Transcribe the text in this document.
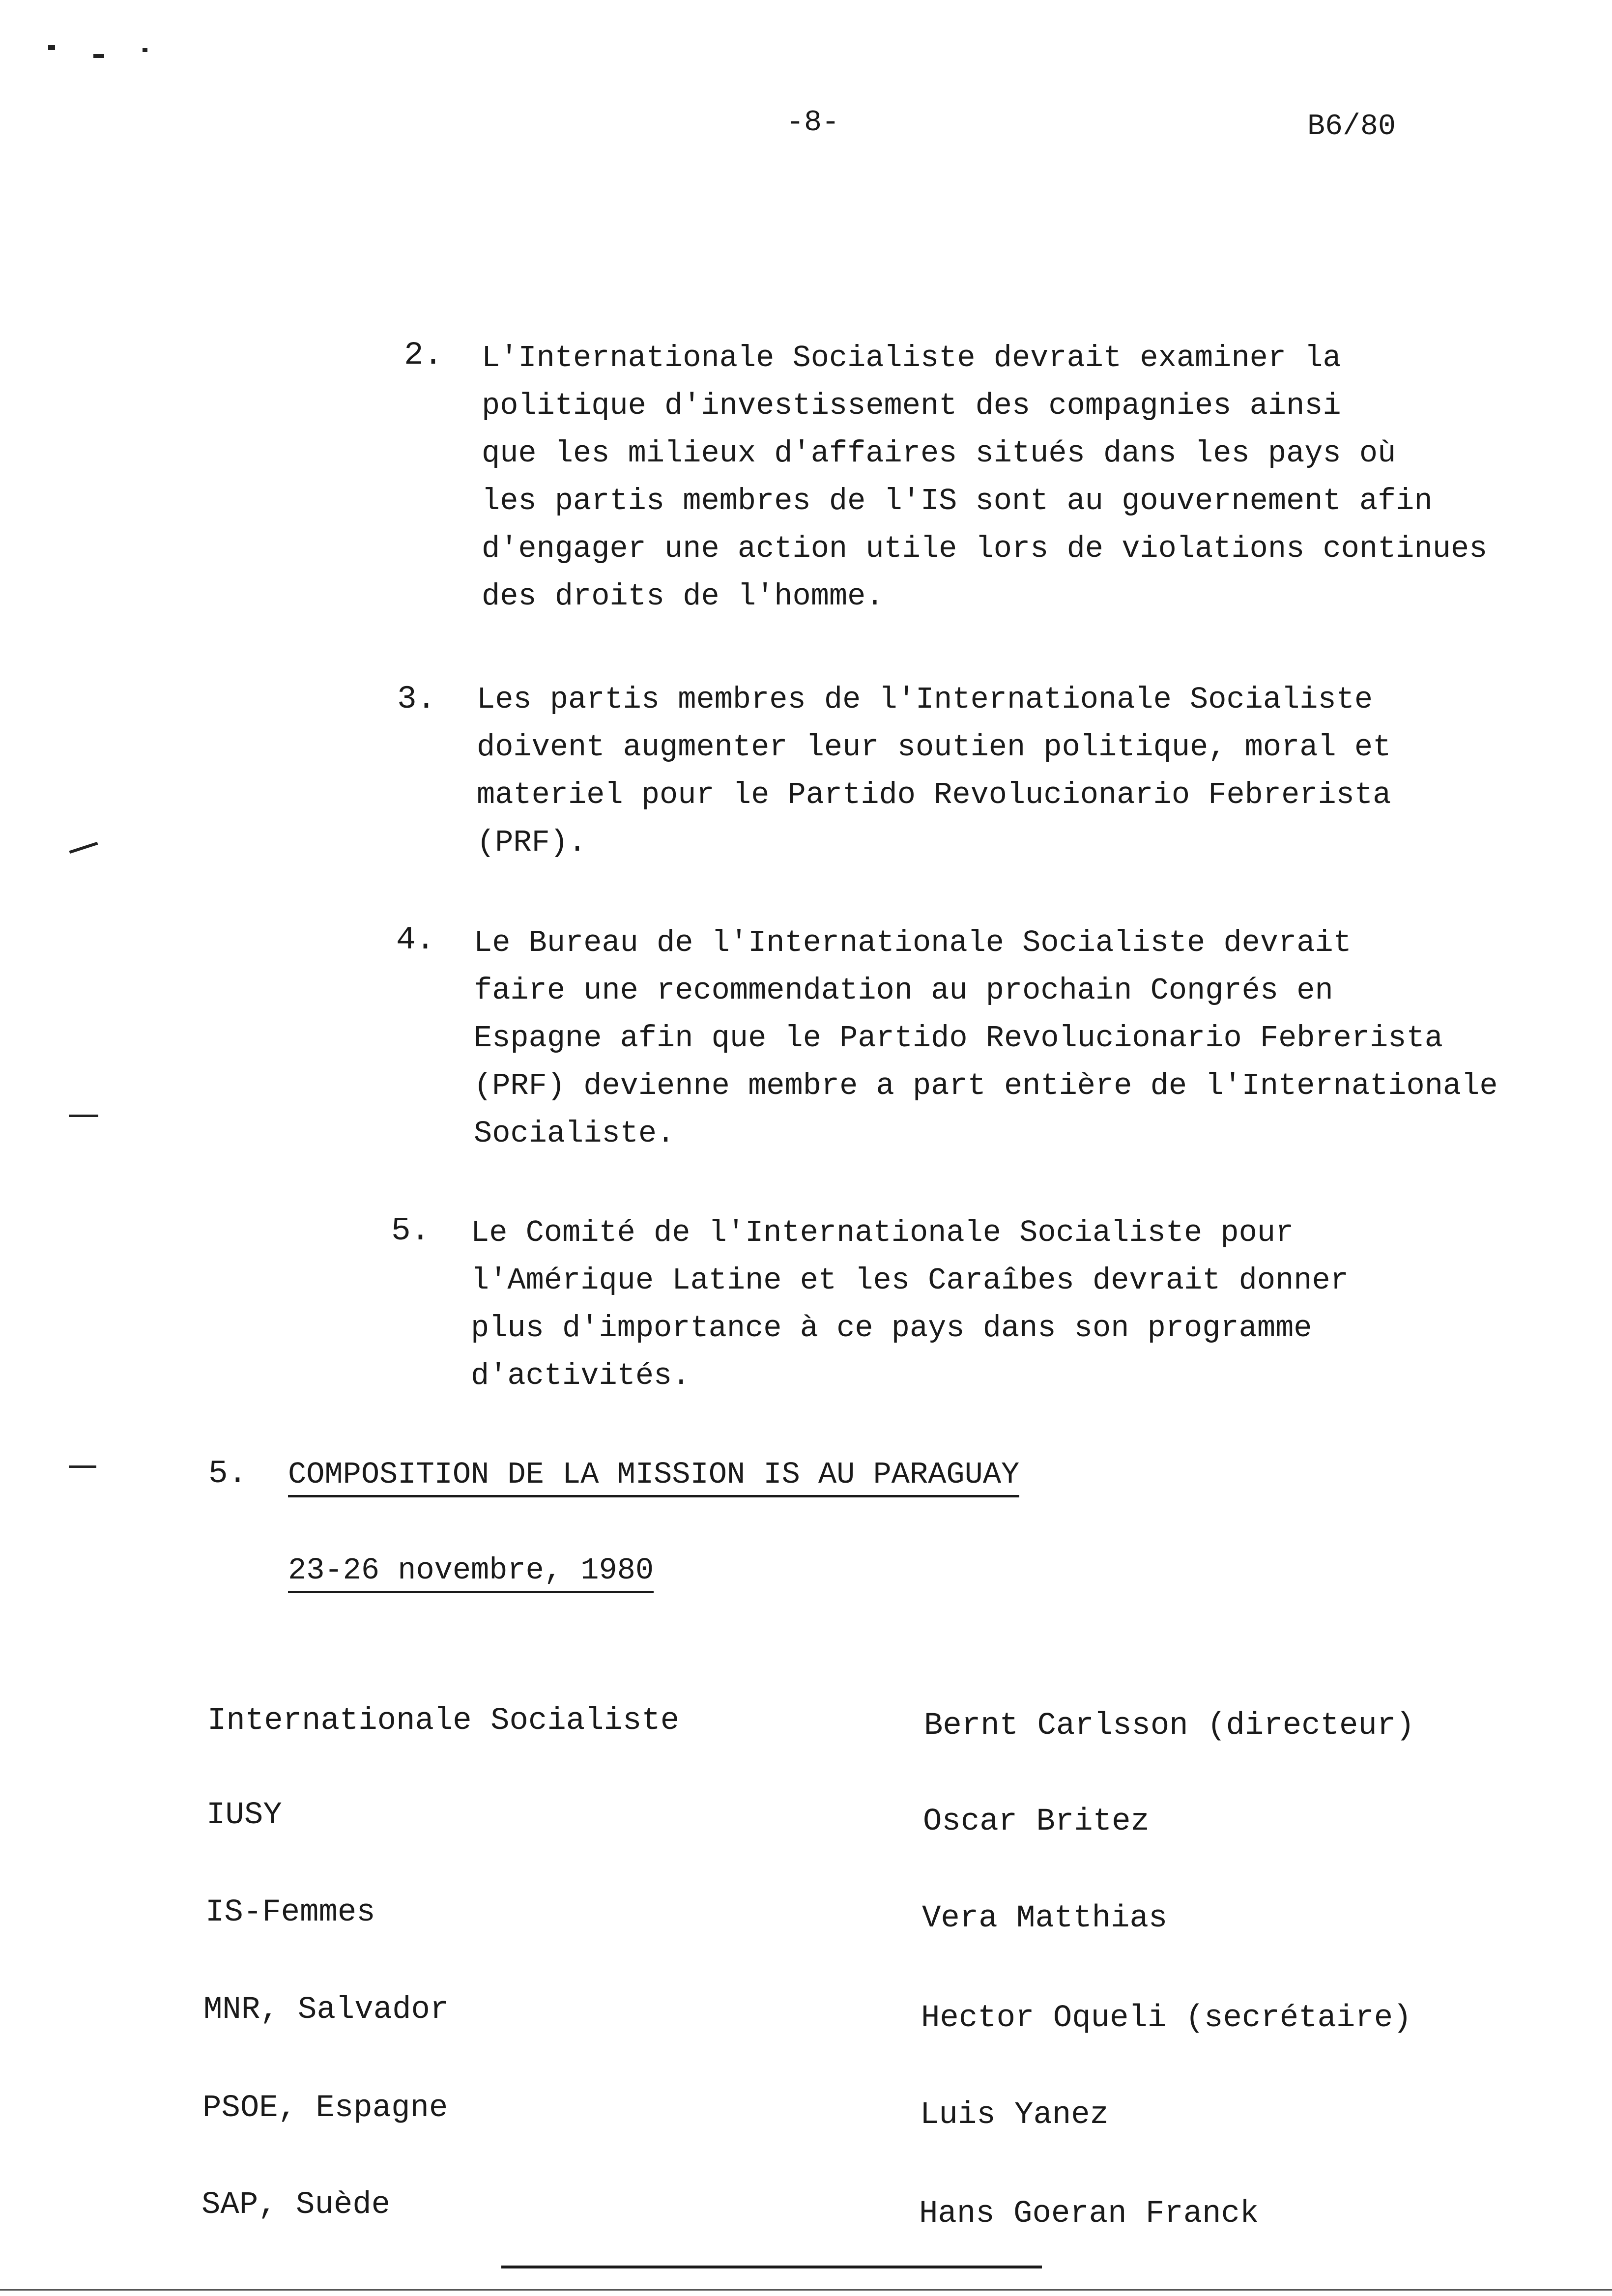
-8-	B6/80
2. L'Internationale Socialiste devrait examiner la
politique d'investissement des compagnies ainsi
que les milieux d'affaires situés dans les pays où
les partis membres de l'IS sont au gouvernement afin
d'engager une action utile lors de violations continues
des droits de l'homme.
3. Les partis membres de l'Internationale Socialiste
doivent augmenter leur soutien politique, moral et
materiel pour le Partido Revolucionario Febrerista
(PRF).
4. Le Bureau de l'Internationale Socialiste devrait
faire une recommendation au prochain Congrés en
Espagne afin que le Partido Revolucionario Febrerista
(PRF) devienne membre a part entière de l'Internationale
Socialiste.
5. Le Comité de l'Internationale Socialiste pour
l'Amérique Latine et les Caraîbes devrait donner
plus d'importance à ce pays dans son programme
d'activités.
5. COMPOSITION DE LA MISSION IS AU PARAGUAY
23-26 novembre, 1980
Internationale Socialiste	Bernt Carlsson (directeur)
IUSY	Oscar Britez
IS-Femmes	Vera Matthias
MNR, Salvador	Hector Oqueli (secrétaire)
PSOE, Espagne	Luis Yanez
SAP, Suède	Hans Goeran Franck
